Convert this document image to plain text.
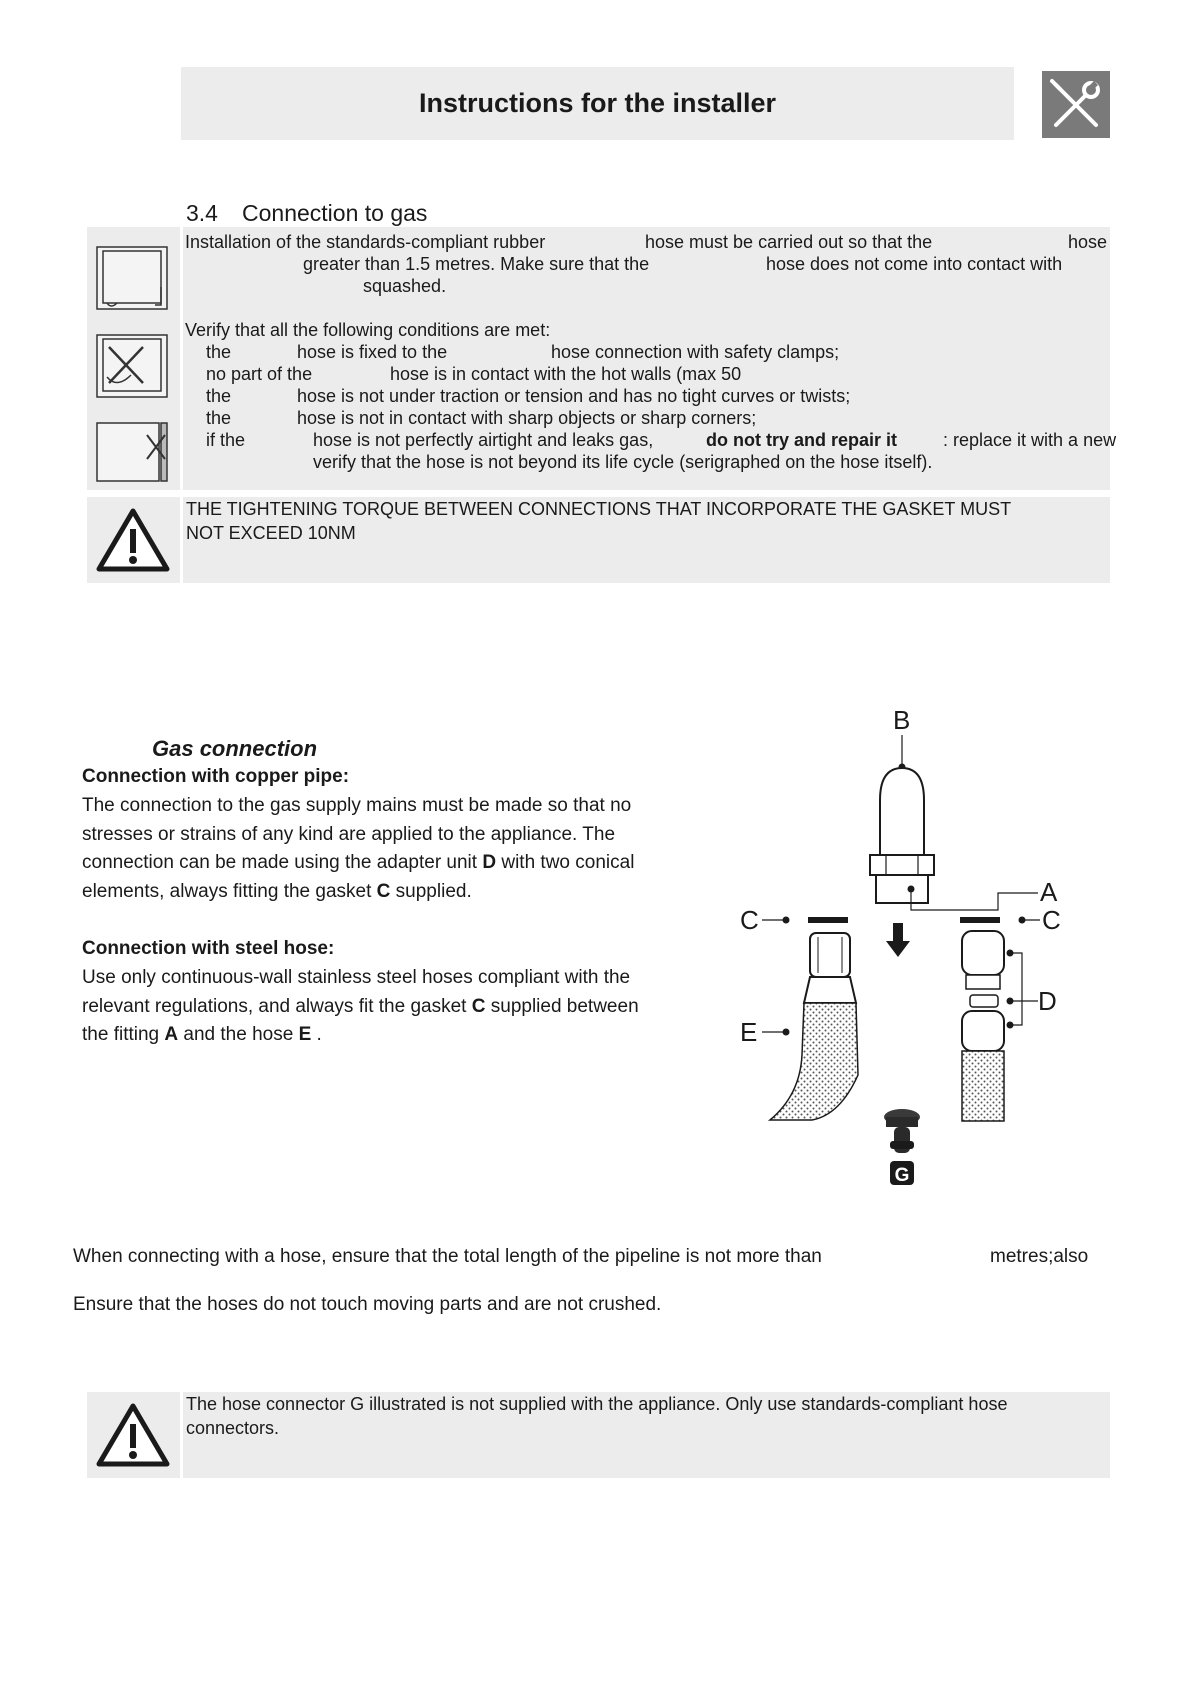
Instructions for the installer
3.4 Connection to gas
Installation of the standards-compliant rubber	hose must be carried out so that the	hose
greater than 1.5 metres. Make sure that the	hose does not come into contact with
squashed.
Verify that all the following conditions are met:
the	hose is fixed to the	hose connection with safety clamps;
no part of the	hose is in contact with the hot walls (max 50
the	hose is not under traction or tension and has no tight curves or twists;
the	hose is not in contact with sharp objects or sharp corners;
if the	hose is not perfectly airtight and leaks gas,	do not try and repair it	: replace it with a new
verify that the hose is not beyond its life cycle (serigraphed on the hose itself).
THE TIGHTENING TORQUE BETWEEN CONNECTIONS THAT INCORPORATE THE GASKET MUST
NOT EXCEED 10NM
Gas connection
Connection with copper pipe:
The connection to the gas supply mains must be made so that no
stresses or strains of any kind are applied to the appliance. The
connection can be made using the adapter unit D with two conical
elements, always fitting the gasket C supplied.
Connection with steel hose:
Use only continuous-wall stainless steel hoses compliant with the
relevant regulations, and always fit the gasket C supplied between
the fitting A and the hose E .
B
A
C
E
C
D
G
When connecting with a hose, ensure that the total length of the pipeline is not more than	metres;also
Ensure that the hoses do not touch moving parts and are not crushed.
The hose connector G illustrated is not supplied with the appliance. Only use standards-compliant hose
connectors.
